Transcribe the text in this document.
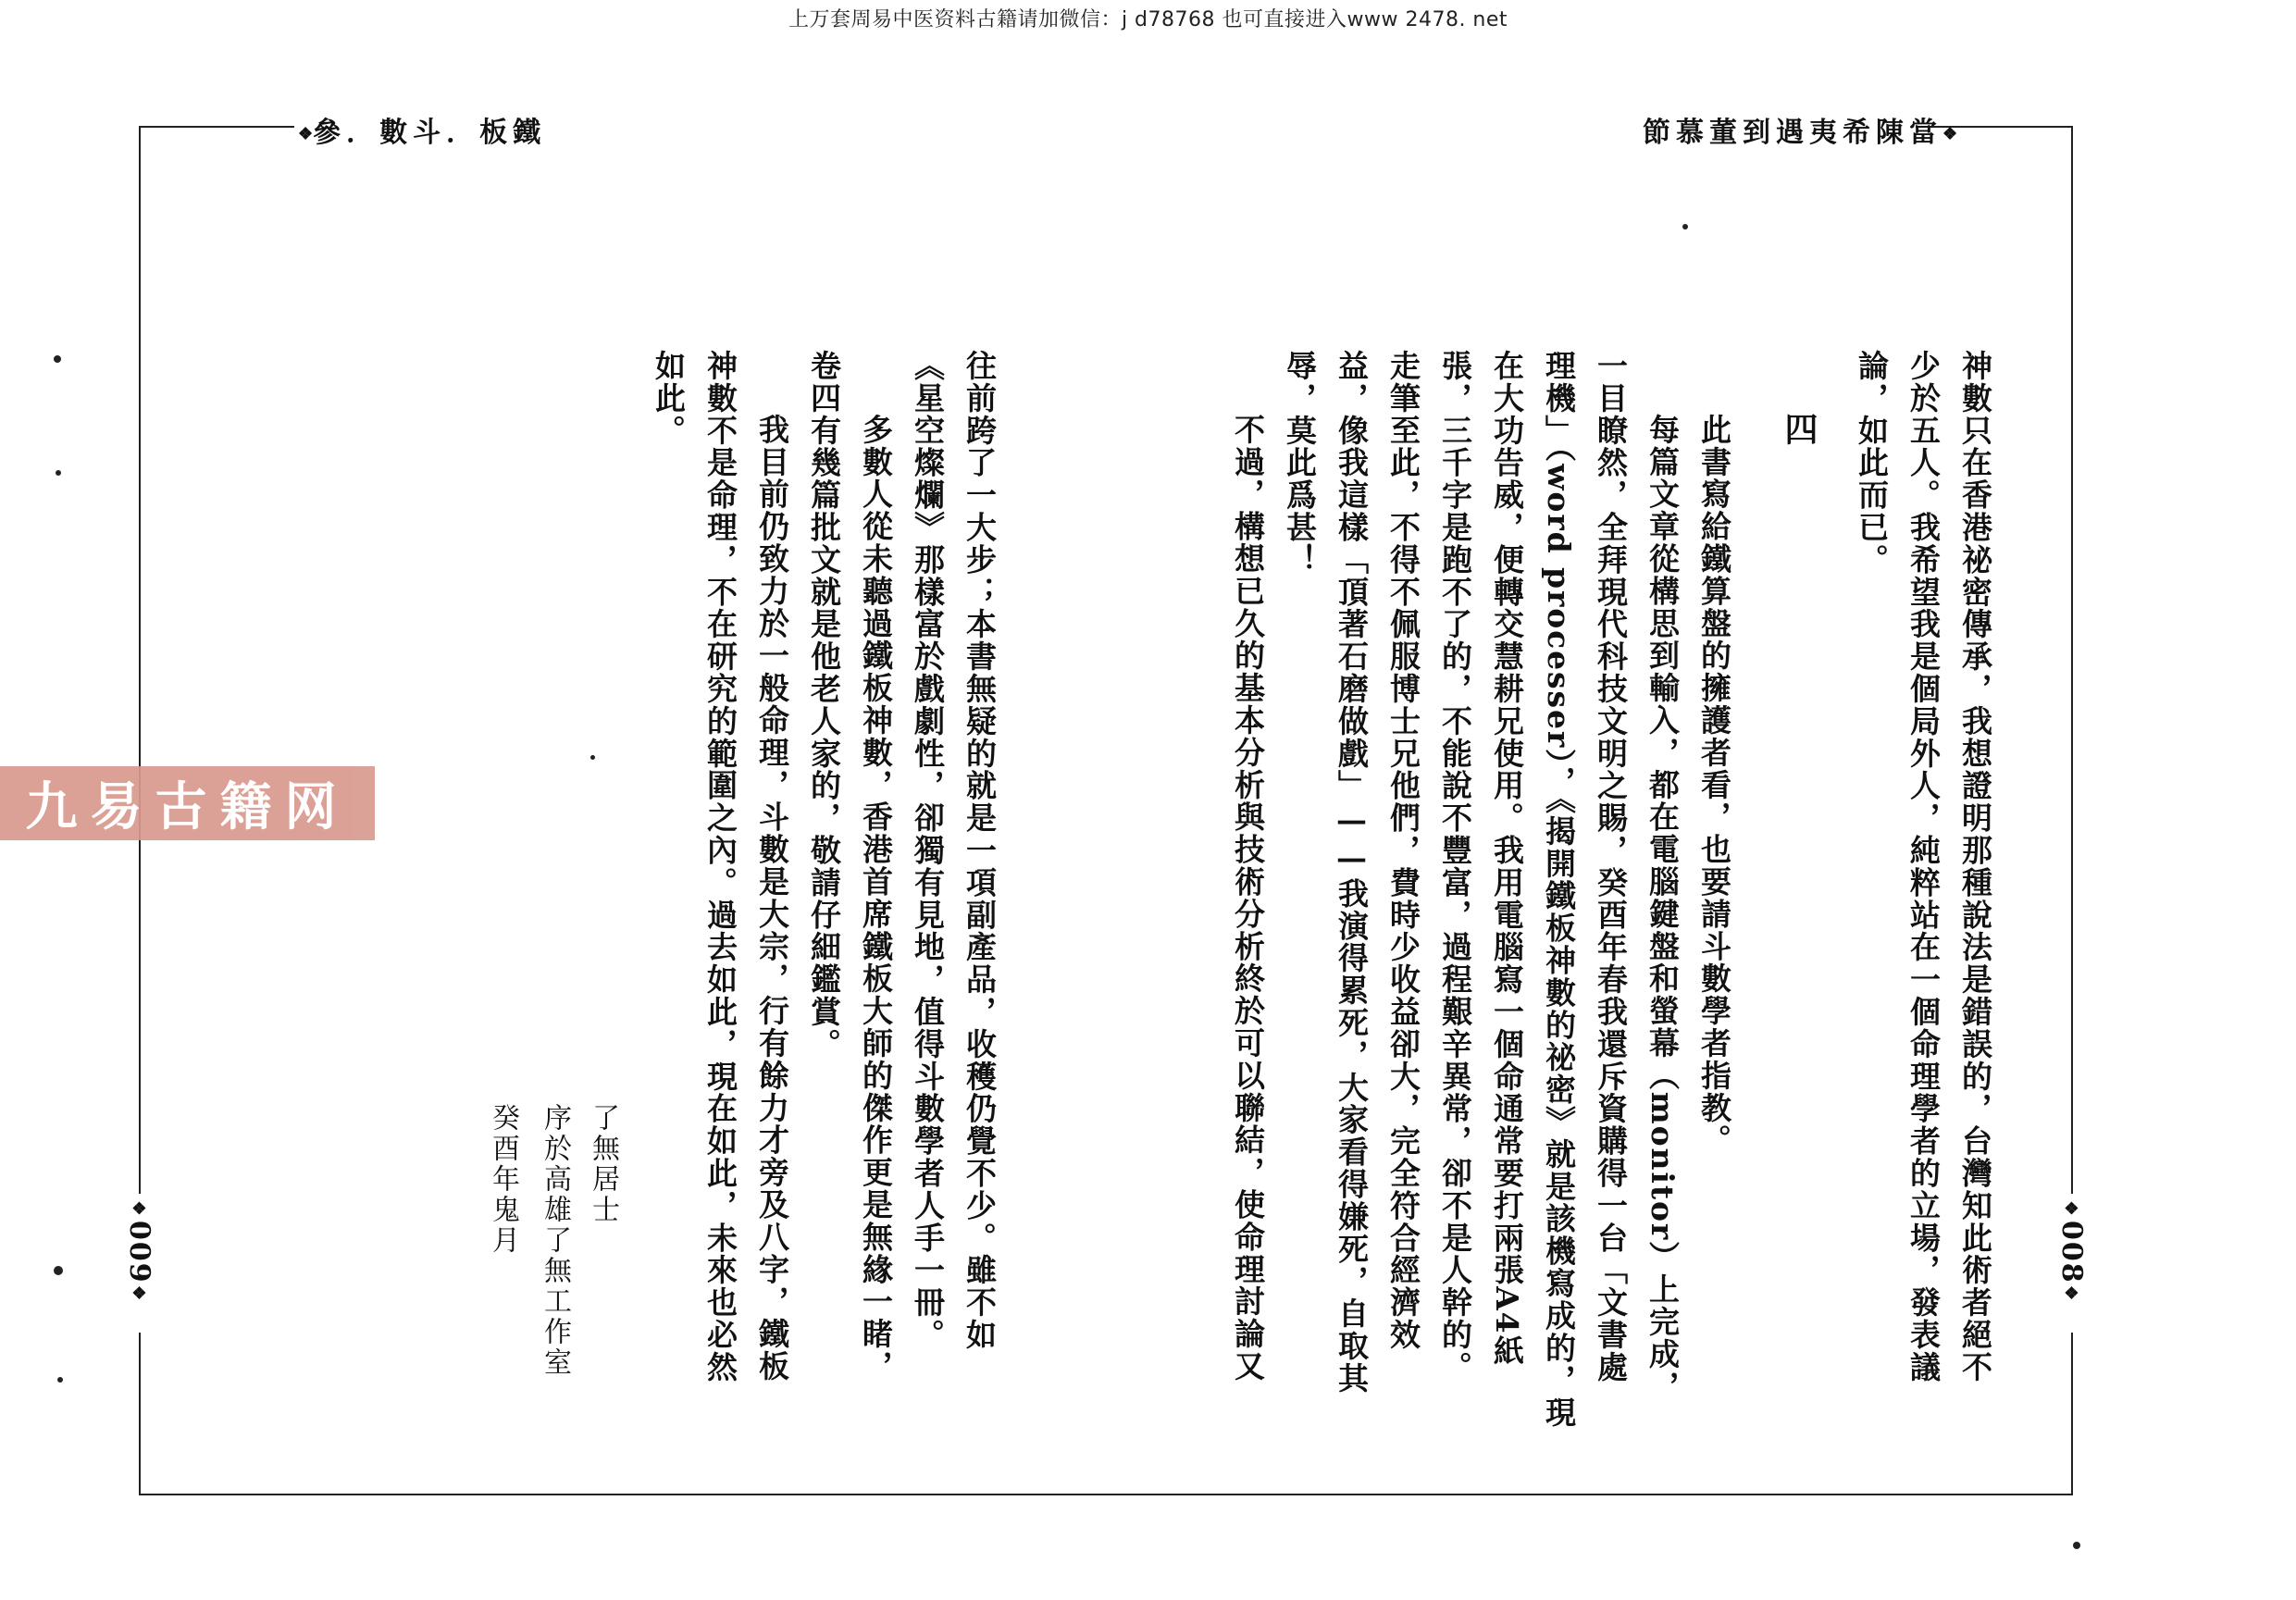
上万套周易中医资料古籍请加微信：j d78768 也可直接进入www 2478. net
❖參．數斗．板鐵	節慕董到遇夷希陳當❖
❖009❖
❖008❖
神數只在香港祕密傳承，我想證明那種說法是錯誤的，台灣知此術者絕不
少於五人。我希望我是個局外人，純粹站在一個命理學者的立場，發表議
論，如此而已。
四
　此書寫給鐵算盤的擁護者看，也要請斗數學者指教。
　每篇文章從構思到輸入，都在電腦鍵盤和螢幕（monitor）上完成，
一目瞭然，全拜現代科技文明之賜，癸酉年春我還斥資購得一台「文書處
理機」（word processer），《揭開鐵板神數的祕密》就是該機寫成的，現
在大功告威，便轉交慧耕兄使用。我用電腦寫一個命通常要打兩張A4紙
張，三千字是跑不了的，不能說不豐富，過程艱辛異常，卻不是人幹的。
走筆至此，不得不佩服博士兄他們，費時少收益卻大，完全符合經濟效
益，像我這樣「頂著石磨做戲」——我演得累死，大家看得嫌死，自取其
辱，莫此爲甚！
　不過，構想已久的基本分析與技術分析終於可以聯結，使命理討論又
往前跨了一大步；本書無疑的就是一項副產品，收穫仍覺不少。雖不如
《星空燦爛》那樣富於戲劇性，卻獨有見地，值得斗數學者人手一冊。
　多數人從未聽過鐵板神數，香港首席鐵板大師的傑作更是無緣一睹，
卷四有幾篇批文就是他老人家的，敬請仔細鑑賞。
　我目前仍致力於一般命理，斗數是大宗，行有餘力才旁及八字，鐵板
神數不是命理，不在研究的範圍之內。過去如此，現在如此，未來也必然
如此。
了無居士
序於高雄了無工作室
癸酉年鬼月
九易古籍网
